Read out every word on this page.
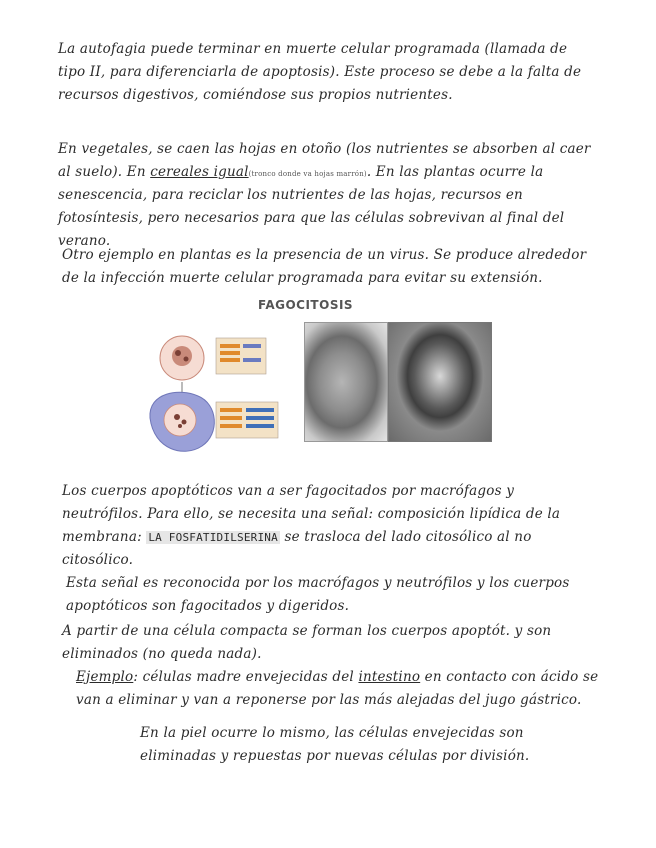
La autofagia puede terminar en muerte celular programada (llamada de tipo II, para diferenciarla de apoptosis). Este proceso se debe a la falta de recursos digestivos, comiéndose sus propios nutrientes.
En vegetales, se caen las hojas en otoño (los nutrientes se absorben al caer al suelo). En cereales igual(tronco donde va hojas marrón). En las plantas ocurre la senescencia, para reciclar los nutrientes de las hojas, recursos en fotosíntesis, pero necesarios para que las células sobrevivan al final del verano.
Otro ejemplo en plantas es la presencia de un virus. Se produce alrededor de la infección muerte celular programada para evitar su extensión.
FAGOCITOSIS
Los cuerpos apoptóticos van a ser fagocitados por macrófagos y neutrófilos. Para ello, se necesita una señal: composición lipídica de la membrana: LA FOSFATIDILSERINA se trasloca del lado citosólico al no citosólico.
Esta señal es reconocida por los macrófagos y neutrófilos y los cuerpos apoptóticos son fagocitados y digeridos.
A partir de una célula compacta se forman los cuerpos apoptót. y son eliminados (no queda nada).
Ejemplo: células madre envejecidas del intestino en contacto con ácido se van a eliminar y van a reponerse por las más alejadas del jugo gástrico.
En la piel ocurre lo mismo, las células envejecidas son eliminadas y repuestas por nuevas células por división.
